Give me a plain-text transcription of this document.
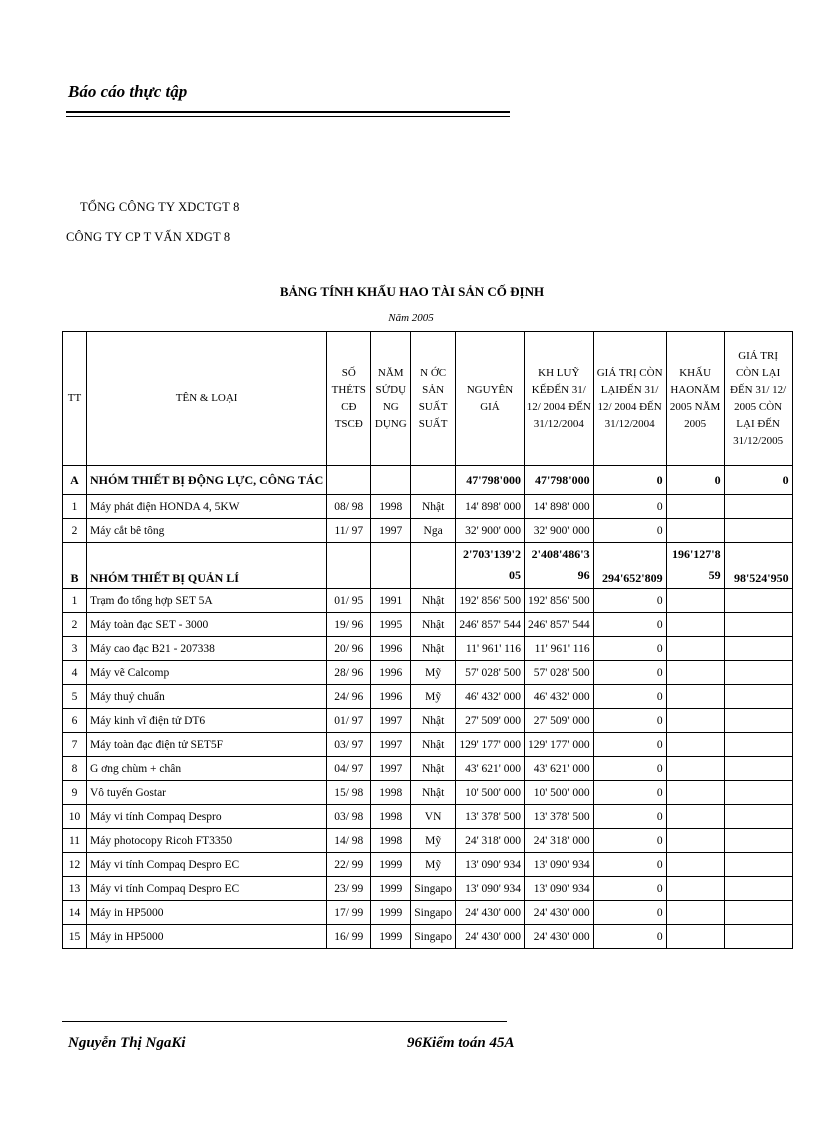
Báo cáo thực tập
TỔNG CÔNG TY XDCTGT 8
CÔNG TY CP T VẤN XDGT 8
BẢNG TÍNH KHẤU HAO TÀI SẢN CỐ ĐỊNH
Năm 2005
TT	TÊN & LOẠI	SỐ THẺTS CĐ TSCĐ	NĂM SỬDỤ NG DỤNG	N ỚC SẢN SUẤT SUẤT	NGUYÊN GIÁ	KH LUỸ KẾĐẾN 31/ 12/ 2004 ĐẾN 31/12/2004	GIÁ TRỊ CÒN LẠIĐẾN 31/ 12/ 2004 ĐẾN 31/12/2004	KHẤU HAONĂM 2005 NĂM 2005	GIÁ TRỊ CÒN LẠI ĐẾN 31/ 12/ 2005 CÒN LẠI ĐẾN 31/12/2005
A	NHÓM THIẾT BỊ ĐỘNG LỰC, CÔNG TÁC				47'798'000	47'798'000	0	0	0
1	Máy phát điện HONDA 4, 5KW	08/ 98	1998	Nhật	14' 898' 000	14' 898' 000	0		
2	Máy cắt bê tông	11/ 97	1997	Nga	32' 900' 000	32' 900' 000	0		
B	NHÓM THIẾT BỊ QUẢN LÍ				2'703'139'205	2'408'486'396	294'652'809	196'127'859	98'524'950
1	Trạm đo tổng hợp SET 5A	01/ 95	1991	Nhật	192' 856' 500	192' 856' 500	0		
2	Máy toàn đạc SET - 3000	19/ 96	1995	Nhật	246' 857' 544	246' 857' 544	0		
3	Máy cao đạc B21 - 207338	20/ 96	1996	Nhật	11' 961' 116	11' 961' 116	0		
4	Máy vẽ Calcomp	28/ 96	1996	Mỹ	57' 028' 500	57' 028' 500	0		
5	Máy thuỷ chuẩn	24/ 96	1996	Mỹ	46' 432' 000	46' 432' 000	0		
6	Máy kinh vĩ điện tử DT6	01/ 97	1997	Nhật	27' 509' 000	27' 509' 000	0		
7	Máy toàn đạc điện tử SET5F	03/ 97	1997	Nhật	129' 177' 000	129' 177' 000	0		
8	G ơng chùm + chân	04/ 97	1997	Nhật	43' 621' 000	43' 621' 000	0		
9	Vô tuyến Gostar	15/ 98	1998	Nhật	10' 500' 000	10' 500' 000	0		
10	Máy vi tính Compaq Despro	03/ 98	1998	VN	13' 378' 500	13' 378' 500	0		
11	Máy photocopy Ricoh FT3350	14/ 98	1998	Mỹ	24' 318' 000	24' 318' 000	0		
12	Máy vi tính Compaq Despro EC	22/ 99	1999	Mỹ	13' 090' 934	13' 090' 934	0		
13	Máy vi tính Compaq Despro EC	23/ 99	1999	Singapo	13' 090' 934	13' 090' 934	0		
14	Máy in HP5000	17/ 99	1999	Singapo	24' 430' 000	24' 430' 000	0		
15	Máy in HP5000	16/ 99	1999	Singapo	24' 430' 000	24' 430' 000	0		
Nguyễn Thị NgaKi	96Kiểm toán 45A
